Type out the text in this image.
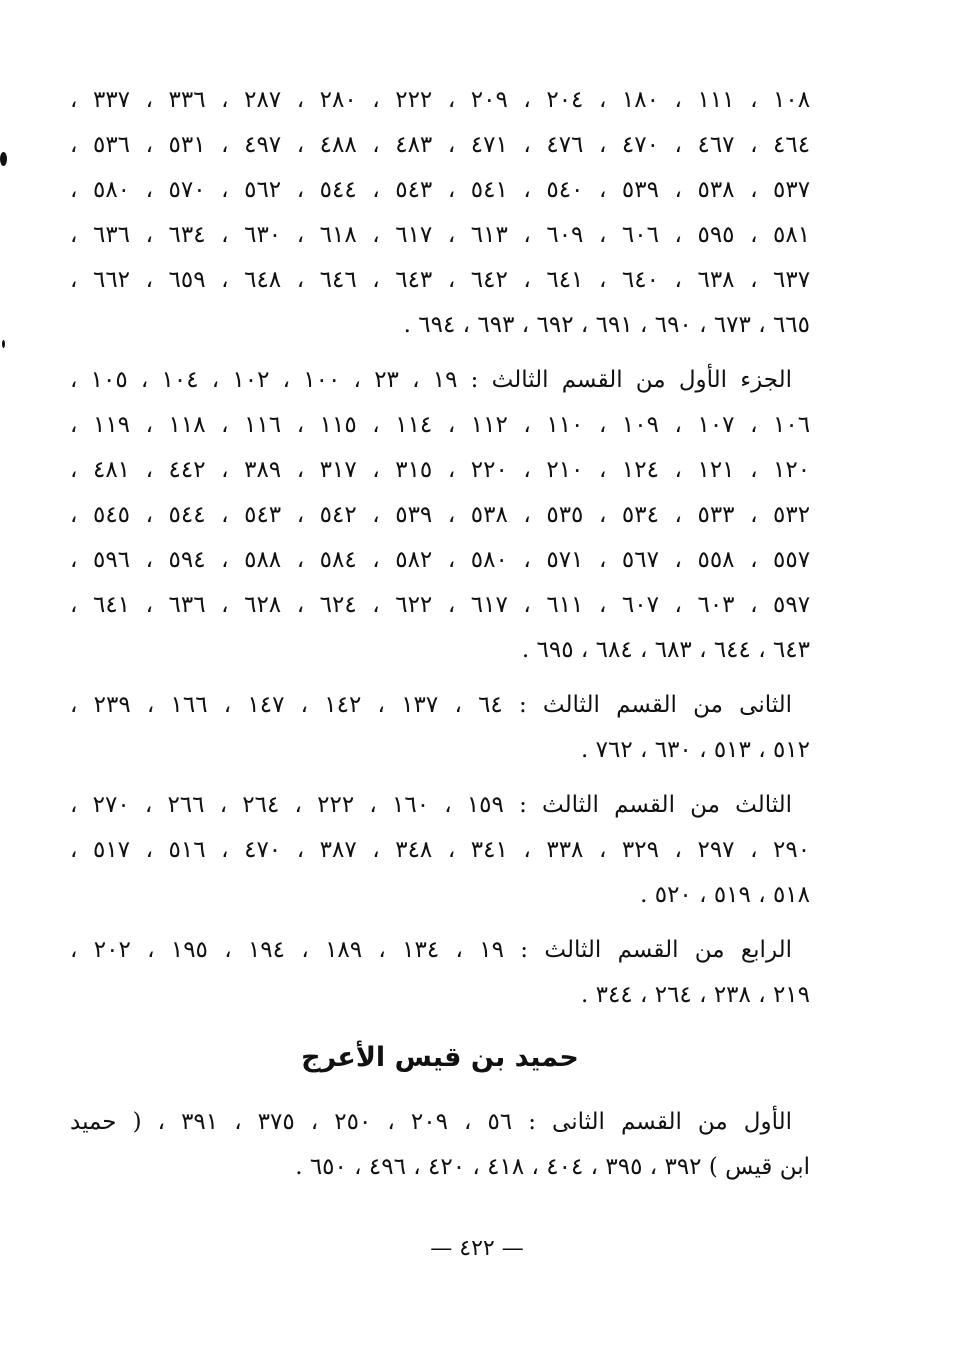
١٠٨ ، ١١١ ، ١٨٠ ، ٢٠٤ ، ٢٠٩ ، ٢٢٢ ، ٢٨٠ ، ٢٨٧ ، ٣٣٦ ، ٣٣٧ ،
٤٦٤ ، ٤٦٧ ، ٤٧٠ ، ٤٧٦ ، ٤٧١ ، ٤٨٣ ، ٤٨٨ ، ٤٩٧ ، ٥٣١ ، ٥٣٦ ،
٥٣٧ ، ٥٣٨ ، ٥٣٩ ، ٥٤٠ ، ٥٤١ ، ٥٤٣ ، ٥٤٤ ، ٥٦٢ ، ٥٧٠ ، ٥٨٠ ،
٥٨١ ، ٥٩٥ ، ٦٠٦ ، ٦٠٩ ، ٦١٣ ، ٦١٧ ، ٦١٨ ، ٦٣٠ ، ٦٣٤ ، ٦٣٦ ،
٦٣٧ ، ٦٣٨ ، ٦٤٠ ، ٦٤١ ، ٦٤٢ ، ٦٤٣ ، ٦٤٦ ، ٦٤٨ ، ٦٥٩ ، ٦٦٢ ،
٦٦٥ ، ٦٧٣ ، ٦٩٠ ، ٦٩١ ، ٦٩٢ ، ٦٩٣ ، ٦٩٤ .
الجزء الأول من القسم الثالث : ١٩ ، ٢٣ ، ١٠٠ ، ١٠٢ ، ١٠٤ ، ١٠٥ ،
١٠٦ ، ١٠٧ ، ١٠٩ ، ١١٠ ، ١١٢ ، ١١٤ ، ١١٥ ، ١١٦ ، ١١٨ ، ١١٩ ،
١٢٠ ، ١٢١ ، ١٢٤ ، ٢١٠ ، ٢٢٠ ، ٣١٥ ، ٣١٧ ، ٣٨٩ ، ٤٤٢ ، ٤٨١ ،
٥٣٢ ، ٥٣٣ ، ٥٣٤ ، ٥٣٥ ، ٥٣٨ ، ٥٣٩ ، ٥٤٢ ، ٥٤٣ ، ٥٤٤ ، ٥٤٥ ،
٥٥٧ ، ٥٥٨ ، ٥٦٧ ، ٥٧١ ، ٥٨٠ ، ٥٨٢ ، ٥٨٤ ، ٥٨٨ ، ٥٩٤ ، ٥٩٦ ،
٥٩٧ ، ٦٠٣ ، ٦٠٧ ، ٦١١ ، ٦١٧ ، ٦٢٢ ، ٦٢٤ ، ٦٢٨ ، ٦٣٦ ، ٦٤١ ،
٦٤٣ ، ٦٤٤ ، ٦٨٣ ، ٦٨٤ ، ٦٩٥ .
الثانى من القسم الثالث : ٦٤ ، ١٣٧ ، ١٤٢ ، ١٤٧ ، ١٦٦ ، ٢٣٩ ،
٥١٢ ، ٥١٣ ، ٦٣٠ ، ٧٦٢ .
الثالث من القسم الثالث : ١٥٩ ، ١٦٠ ، ٢٢٢ ، ٢٦٤ ، ٢٦٦ ، ٢٧٠ ،
٢٩٠ ، ٢٩٧ ، ٣٢٩ ، ٣٣٨ ، ٣٤١ ، ٣٤٨ ، ٣٨٧ ، ٤٧٠ ، ٥١٦ ، ٥١٧ ،
٥١٨ ، ٥١٩ ، ٥٢٠ .
الرابع من القسم الثالث : ١٩ ، ١٣٤ ، ١٨٩ ، ١٩٤ ، ١٩٥ ، ٢٠٢ ،
٢١٩ ، ٢٣٨ ، ٢٦٤ ، ٣٤٤ .
حميد بن قيس الأعرج
الأول من القسم الثانى : ٥٦ ، ٢٠٩ ، ٢٥٠ ، ٣٧٥ ، ٣٩١ ، ( حميد
ابن قيس ) ٣٩٢ ، ٣٩٥ ، ٤٠٤ ، ٤١٨ ، ٤٢٠ ، ٤٩٦ ، ٦٥٠ .
— ٤٢٢ —
